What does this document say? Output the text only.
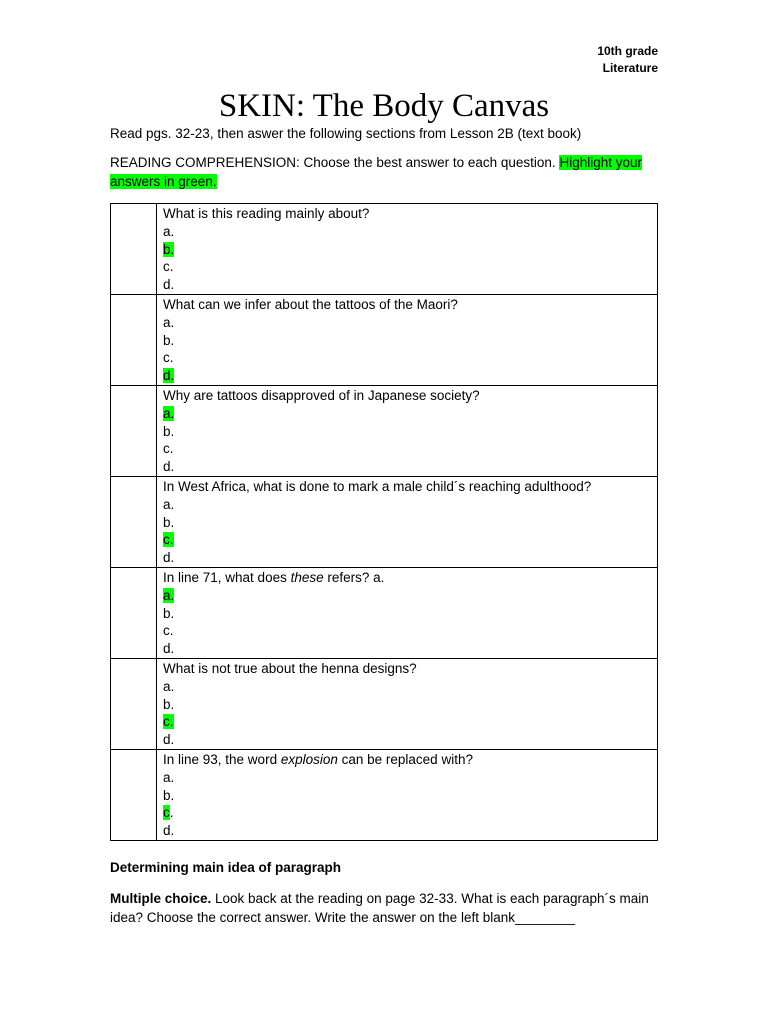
10th grade
Literature
SKIN: The Body Canvas

Read pgs. 32-23, then aswer the following sections from Lesson 2B (text book)

READING COMPREHENSION: Choose the best answer to each question. Highlight your answers in green.

	What is this reading mainly about?
a.
b.
c.
d.

	What can we infer about the tattoos of the Maori?
a.
b.
c.
d.

	Why are tattoos disapproved of in Japanese society?
a.
b.
c.
d.

	In West Africa, what is done to mark a male child´s reaching adulthood?
a.
b.
c.
d.

	In line 71, what does these refers? a.
a.
b.
c.
d.

	What is not true about the henna designs?
a.
b.
c.
d.

	In line 93, the word explosion can be replaced with?
a.
b.
c.
d.
Determining main idea of paragraph
Multiple choice. Look back at the reading on page 32-33. What is each paragraph´s main idea? Choose the correct answer. Write the answer on the left blank________
